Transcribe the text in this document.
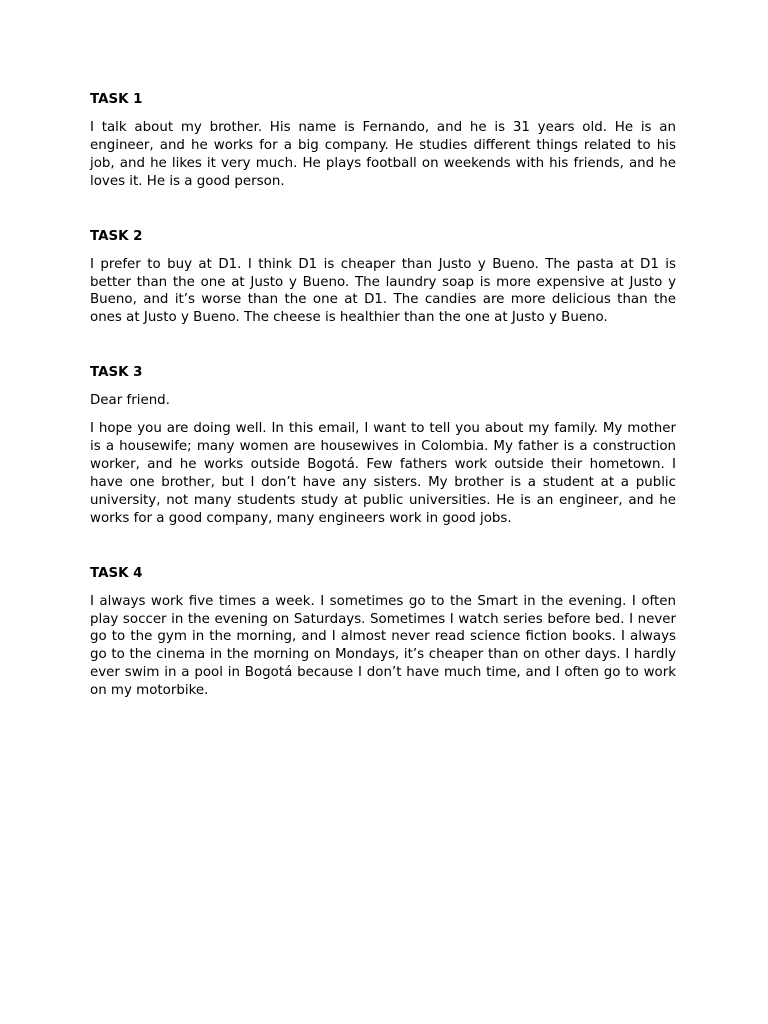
TASK 1

I talk about my brother. His name is Fernando, and he is 31 years old. He is an engineer, and he works for a big company. He studies different things related to his job, and he likes it very much. He plays football on weekends with his friends, and he loves it. He is a good person.

TASK 2

I prefer to buy at D1. I think D1 is cheaper than Justo y Bueno. The pasta at D1 is better than the one at Justo y Bueno. The laundry soap is more expensive at Justo y Bueno, and it’s worse than the one at D1. The candies are more delicious than the ones at Justo y Bueno. The cheese is healthier than the one at Justo y Bueno.

TASK 3

Dear friend.

I hope you are doing well. In this email, I want to tell you about my family. My mother is a housewife; many women are housewives in Colombia. My father is a construction worker, and he works outside Bogotá. Few fathers work outside their hometown. I have one brother, but I don’t have any sisters. My brother is a student at a public university, not many students study at public universities. He is an engineer, and he works for a good company, many engineers work in good jobs.

TASK 4

I always work five times a week. I sometimes go to the Smart in the evening. I often play soccer in the evening on Saturdays. Sometimes I watch series before bed. I never go to the gym in the morning, and I almost never read science fiction books. I always go to the cinema in the morning on Mondays, it’s cheaper than on other days. I hardly ever swim in a pool in Bogotá because I don’t have much time, and I often go to work on my motorbike.
